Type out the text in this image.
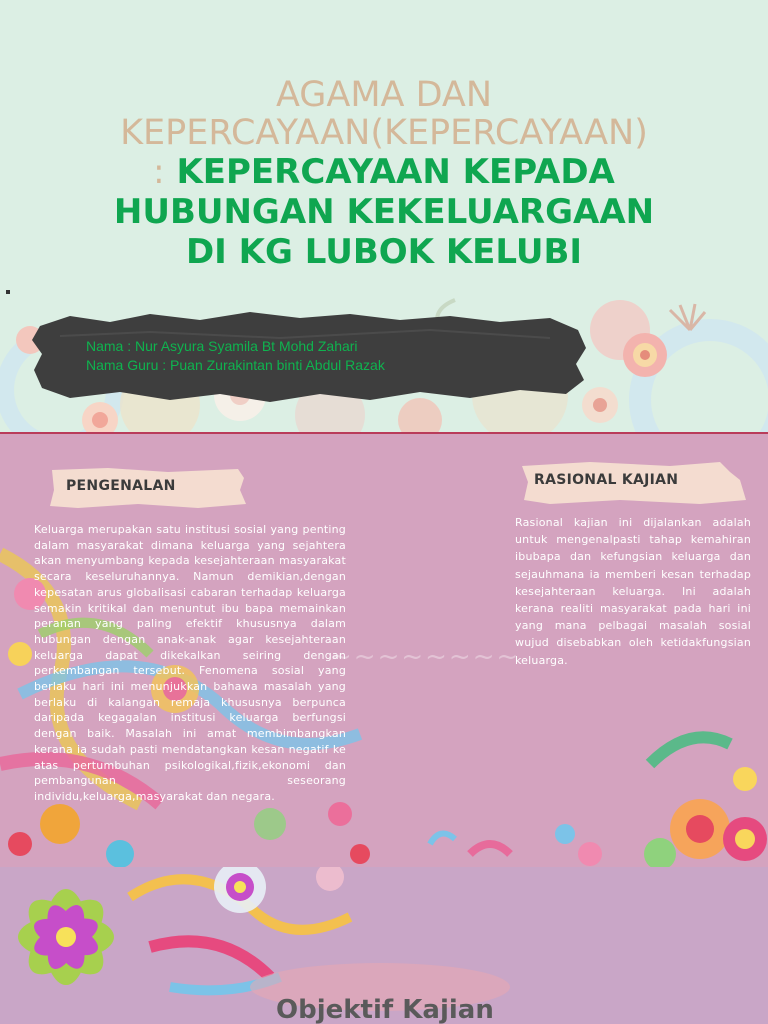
AGAMA DAN

KEPERCAYAAN(KEPERCAYAAN)

: KEPERCAYAAN KEPADA

HUBUNGAN KEKELUARGAAN

DI KG LUBOK KELUBI

Nama : Nur Asyura Syamila Bt Mohd Zahari
Nama Guru : Puan Zurakintan binti Abdul Razak
~~~~~~~~
PENGENALAN	RASIONAL KAJIAN
Keluarga merupakan satu institusi sosial yang penting dalam masyarakat dimana keluarga yang sejahtera akan menyumbang kepada kesejahteraan masyarakat secara keseluruhannya. Namun demikian,dengan kepesatan arus globalisasi cabaran terhadap keluarga semakin kritikal dan menuntut ibu bapa memainkan peranan yang paling efektif khususnya dalam hubungan dengan anak-anak agar kesejahteraan keluarga dapat dikekalkan seiring dengan perkembangan tersebut. Fenomena sosial yang berlaku hari ini menunjukkan bahawa masalah yang berlaku di kalangan remaja khususnya berpunca daripada kegagalan institusi keluarga berfungsi dengan baik. Masalah ini amat membimbangkan kerana ia sudah pasti mendatangkan kesan negatif ke atas pertumbuhan psikologikal,fizik,ekonomi dan pembangunan seseorang individu,keluarga,masyarakat dan negara.
Rasional kajian ini dijalankan adalah untuk mengenalpasti tahap kemahiran ibubapa dan kefungsian keluarga dan sejauhmana ia memberi kesan terhadap kesejahteraan keluarga. Ini adalah kerana realiti masyarakat pada hari ini yang mana pelbagai masalah sosial wujud disebabkan oleh ketidakfungsian keluarga.
Objektif Kajian
